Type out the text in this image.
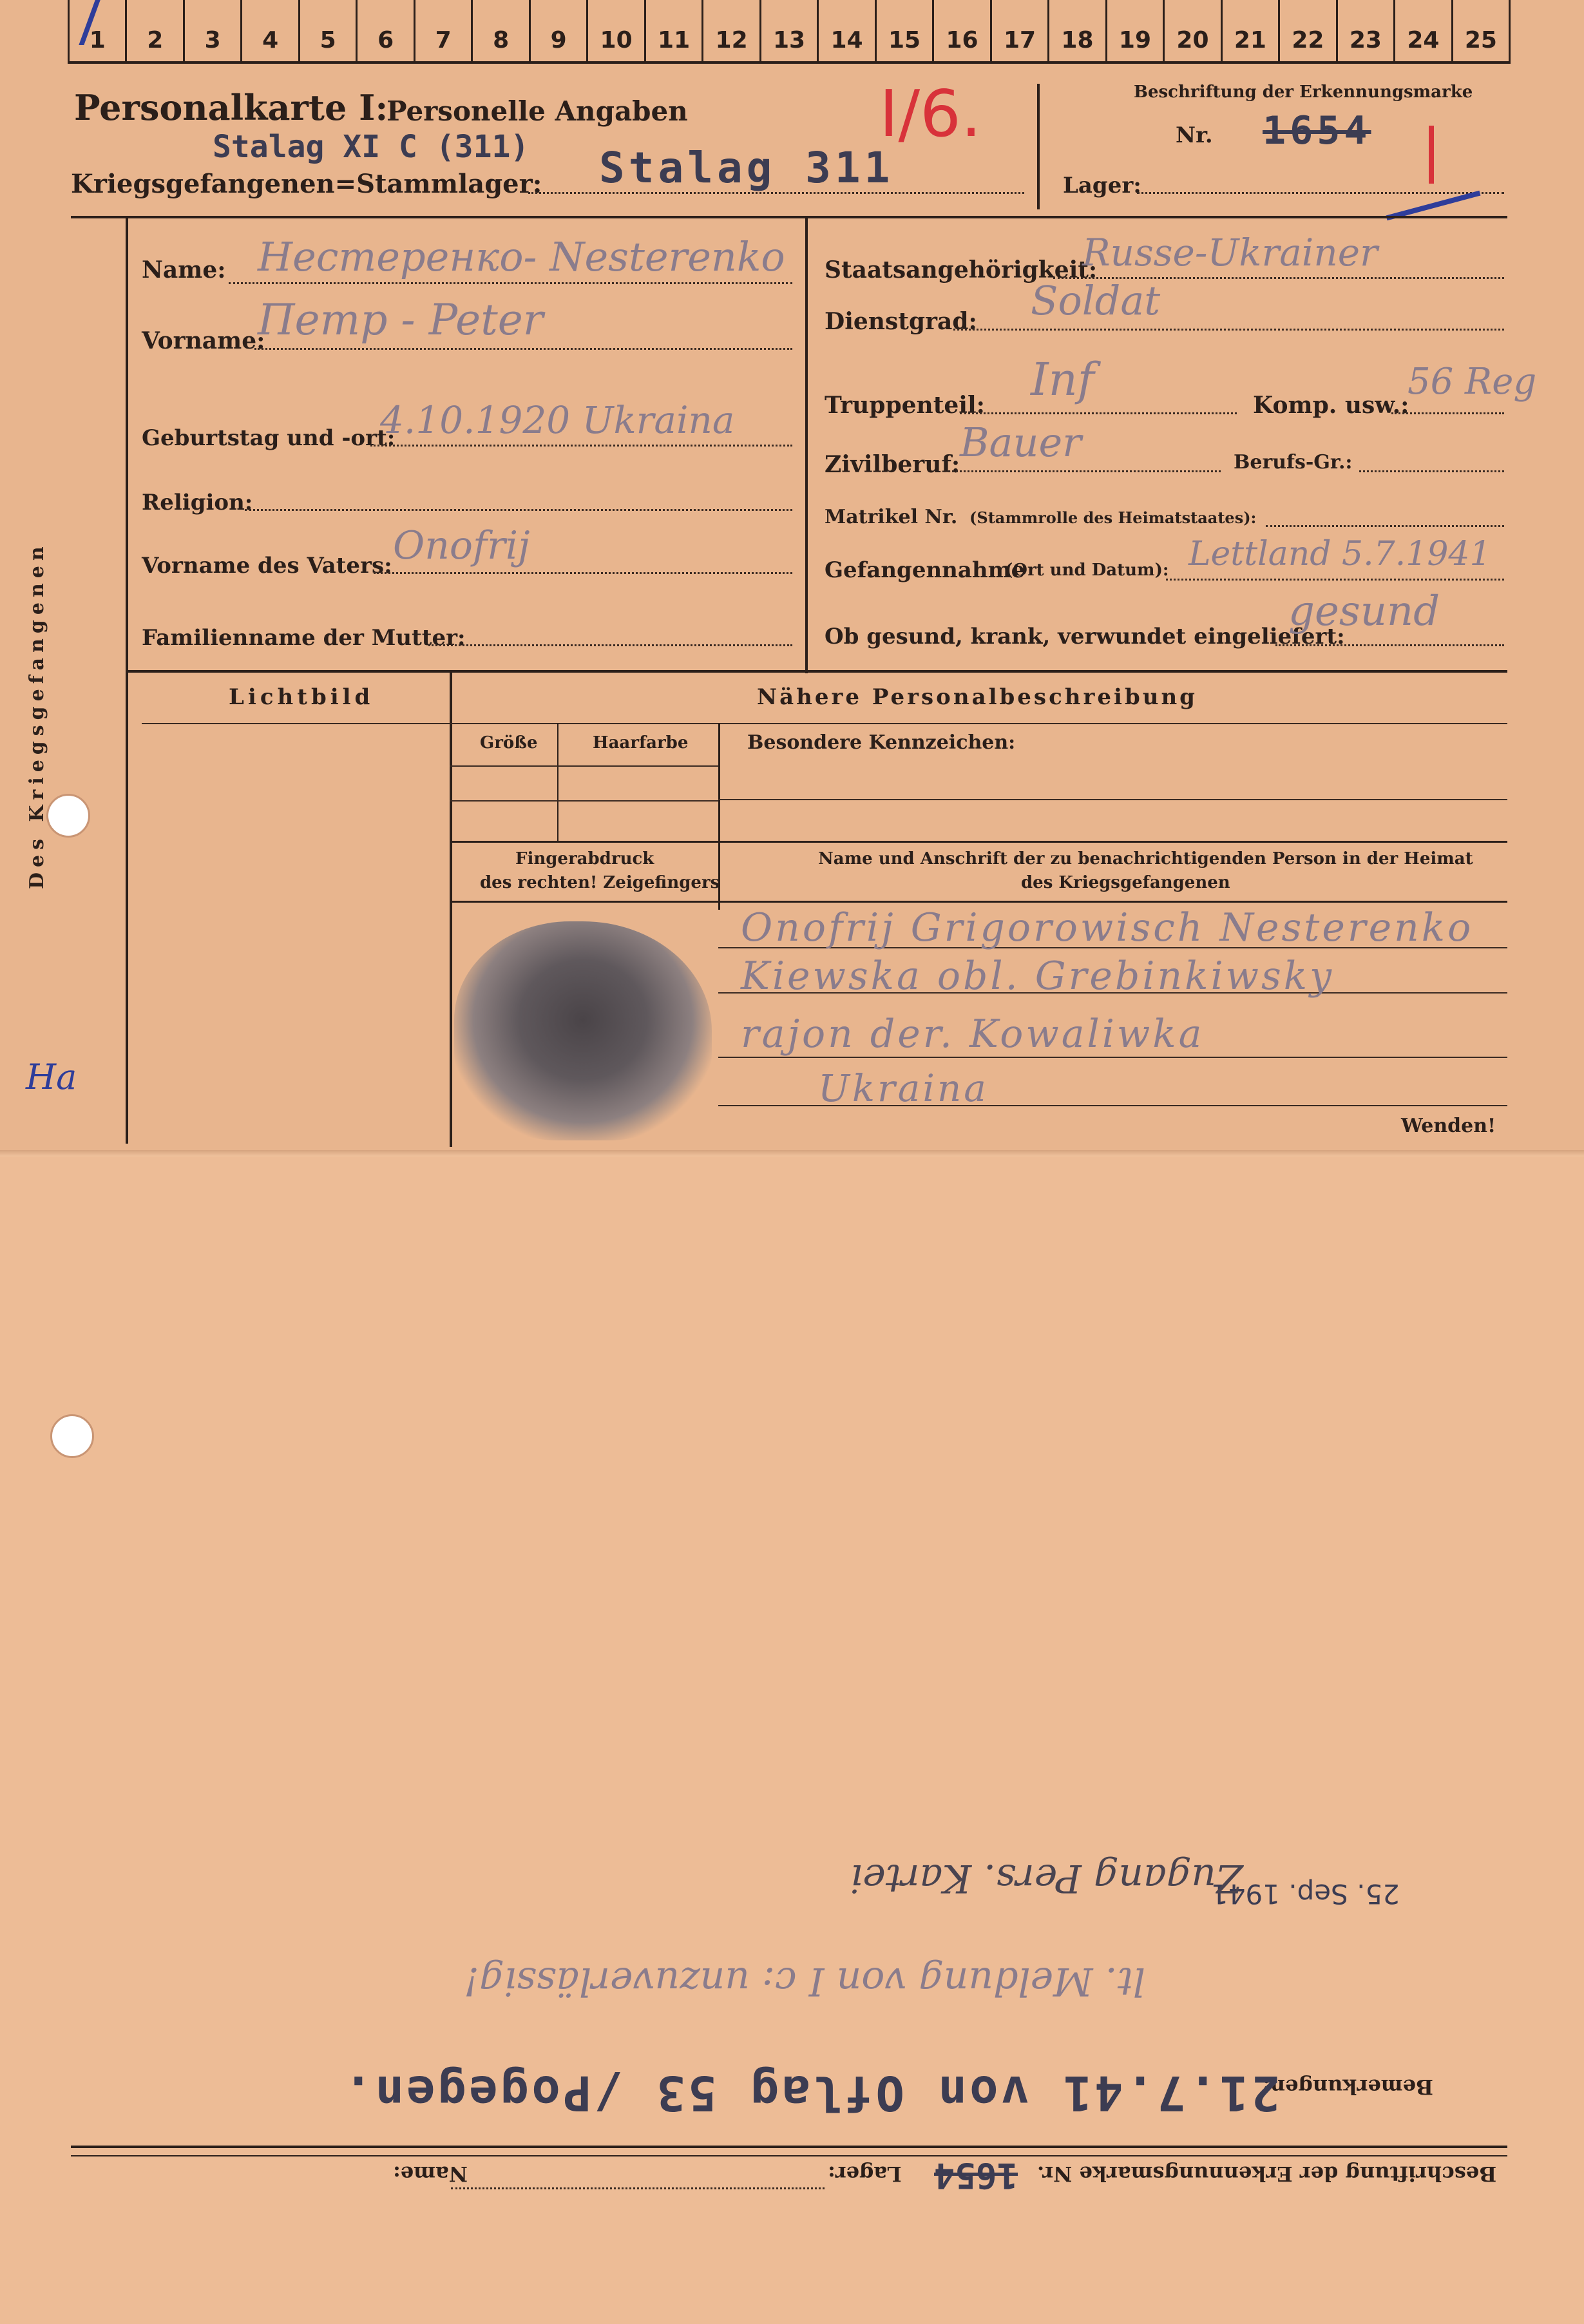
1	2	3	4	5	6	7	8	9	10	11	12	13	14	15	16	17	18	19	20	21	22	23	24	25
Personalkarte I:
Personelle Angaben
Stalag XI C (311)
Kriegsgefangenen=Stammlager: Stalag 311
I/6.	Beschriftung der Erkennungsmarke
Nr. 1654
Lager:
Des Kriegsgefangenen
Name: Нестеренко- Nesterenko
Vorname:
Петр - Peter
Geburtstag und -ort:
4.10.1920 Ukraina
Religion:
Vorname des Vaters: Onofrij
Familienname der Mutter:
Staatsangehörigkeit:
Russe-Ukrainer
Dienstgrad: Soldat
Truppenteil: Inf	Komp. usw.:
56 Reg
Zivilberuf: Bauer	Berufs-Gr.:
Matrikel Nr. (Stammrolle des Heimatstaates):
Gefangennahme
(Ort und Datum): Lettland 5.7.1941
Ob gesund, krank, verwundet eingeliefert:
gesund
Lichtbild	Nähere Personalbeschreibung
Größe	Haarfarbe	Besondere Kennzeichen:
Fingerabdruck
des rechten! Zeigefingers
Name und Anschrift der zu benachrichtigenden Person in der Heimat
des Kriegsgefangenen
Onofrij Grigorowisch Nesterenko
Kiewska obl. Grebinkiwsky
rajon der. Kowaliwka
Ukraina
Wenden!
Ha
25. Sep. 1941
Zugang Pers. Kartei
lt. Meldung von I c: unzuverlässig!
Bemerkungen:
21.7.41 von Oflag 53 /Pogegen.
Beschriftung der Erkennungsmarke Nr.
1654
Lager:
Name:
